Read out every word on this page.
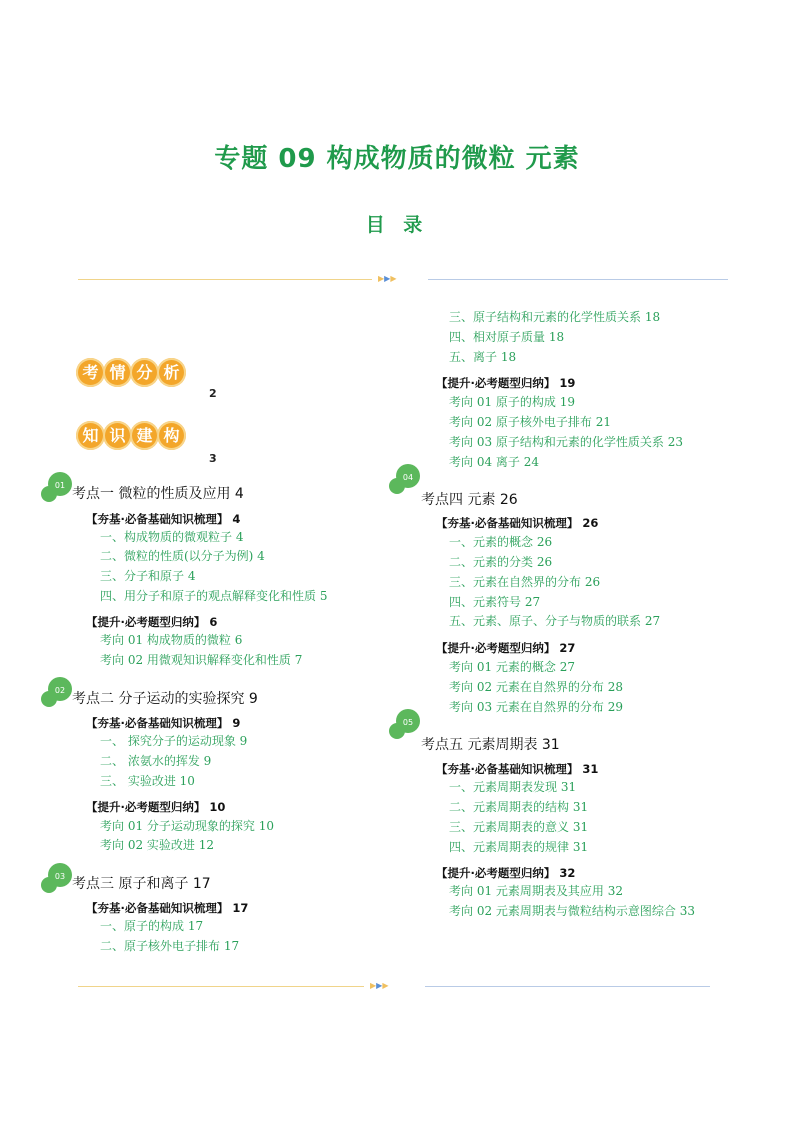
专题 09 构成物质的微粒 元素
目 录
▶▶▶
▶▶▶
考 情 分 析
2
知 识 建 构
3
01
考点一 微粒的性质及应用 4
【夯基·必备基础知识梳理】 4
一、构成物质的微观粒子 4
二、微粒的性质(以分子为例) 4
三、分子和原子 4
四、用分子和原子的观点解释变化和性质 5
【提升·必考题型归纳】 6
考向 01 构成物质的微粒 6
考向 02 用微观知识解释变化和性质 7
02
考点二 分子运动的实验探究 9
【夯基·必备基础知识梳理】 9
一、 探究分子的运动现象 9
二、 浓氨水的挥发 9
三、 实验改进 10
【提升·必考题型归纳】 10
考向 01 分子运动现象的探究 10
考向 02 实验改进 12
03 考点三 原子和离子 17
【夯基·必备基础知识梳理】 17
一、原子的构成 17
二、原子核外电子排布 17
三、原子结构和元素的化学性质关系 18
四、相对原子质量 18
五、离子 18
【提升·必考题型归纳】 19
考向 01 原子的构成 19
考向 02 原子核外电子排布 21
考向 03 原子结构和元素的化学性质关系 23
考向 04 离子 24
04
考点四 元素 26
【夯基·必备基础知识梳理】 26
一、元素的概念 26
二、元素的分类 26
三、元素在自然界的分布 26
四、元素符号 27
五、元素、原子、分子与物质的联系 27
【提升·必考题型归纳】 27
考向 01 元素的概念 27
考向 02 元素在自然界的分布 28
考向 03 元素在自然界的分布 29
05
考点五 元素周期表 31
【夯基·必备基础知识梳理】 31
一、元素周期表发现 31
二、元素周期表的结构 31
三、元素周期表的意义 31
四、元素周期表的规律 31
【提升·必考题型归纳】 32
考向 01 元素周期表及其应用 32
考向 02 元素周期表与微粒结构示意图综合 33
